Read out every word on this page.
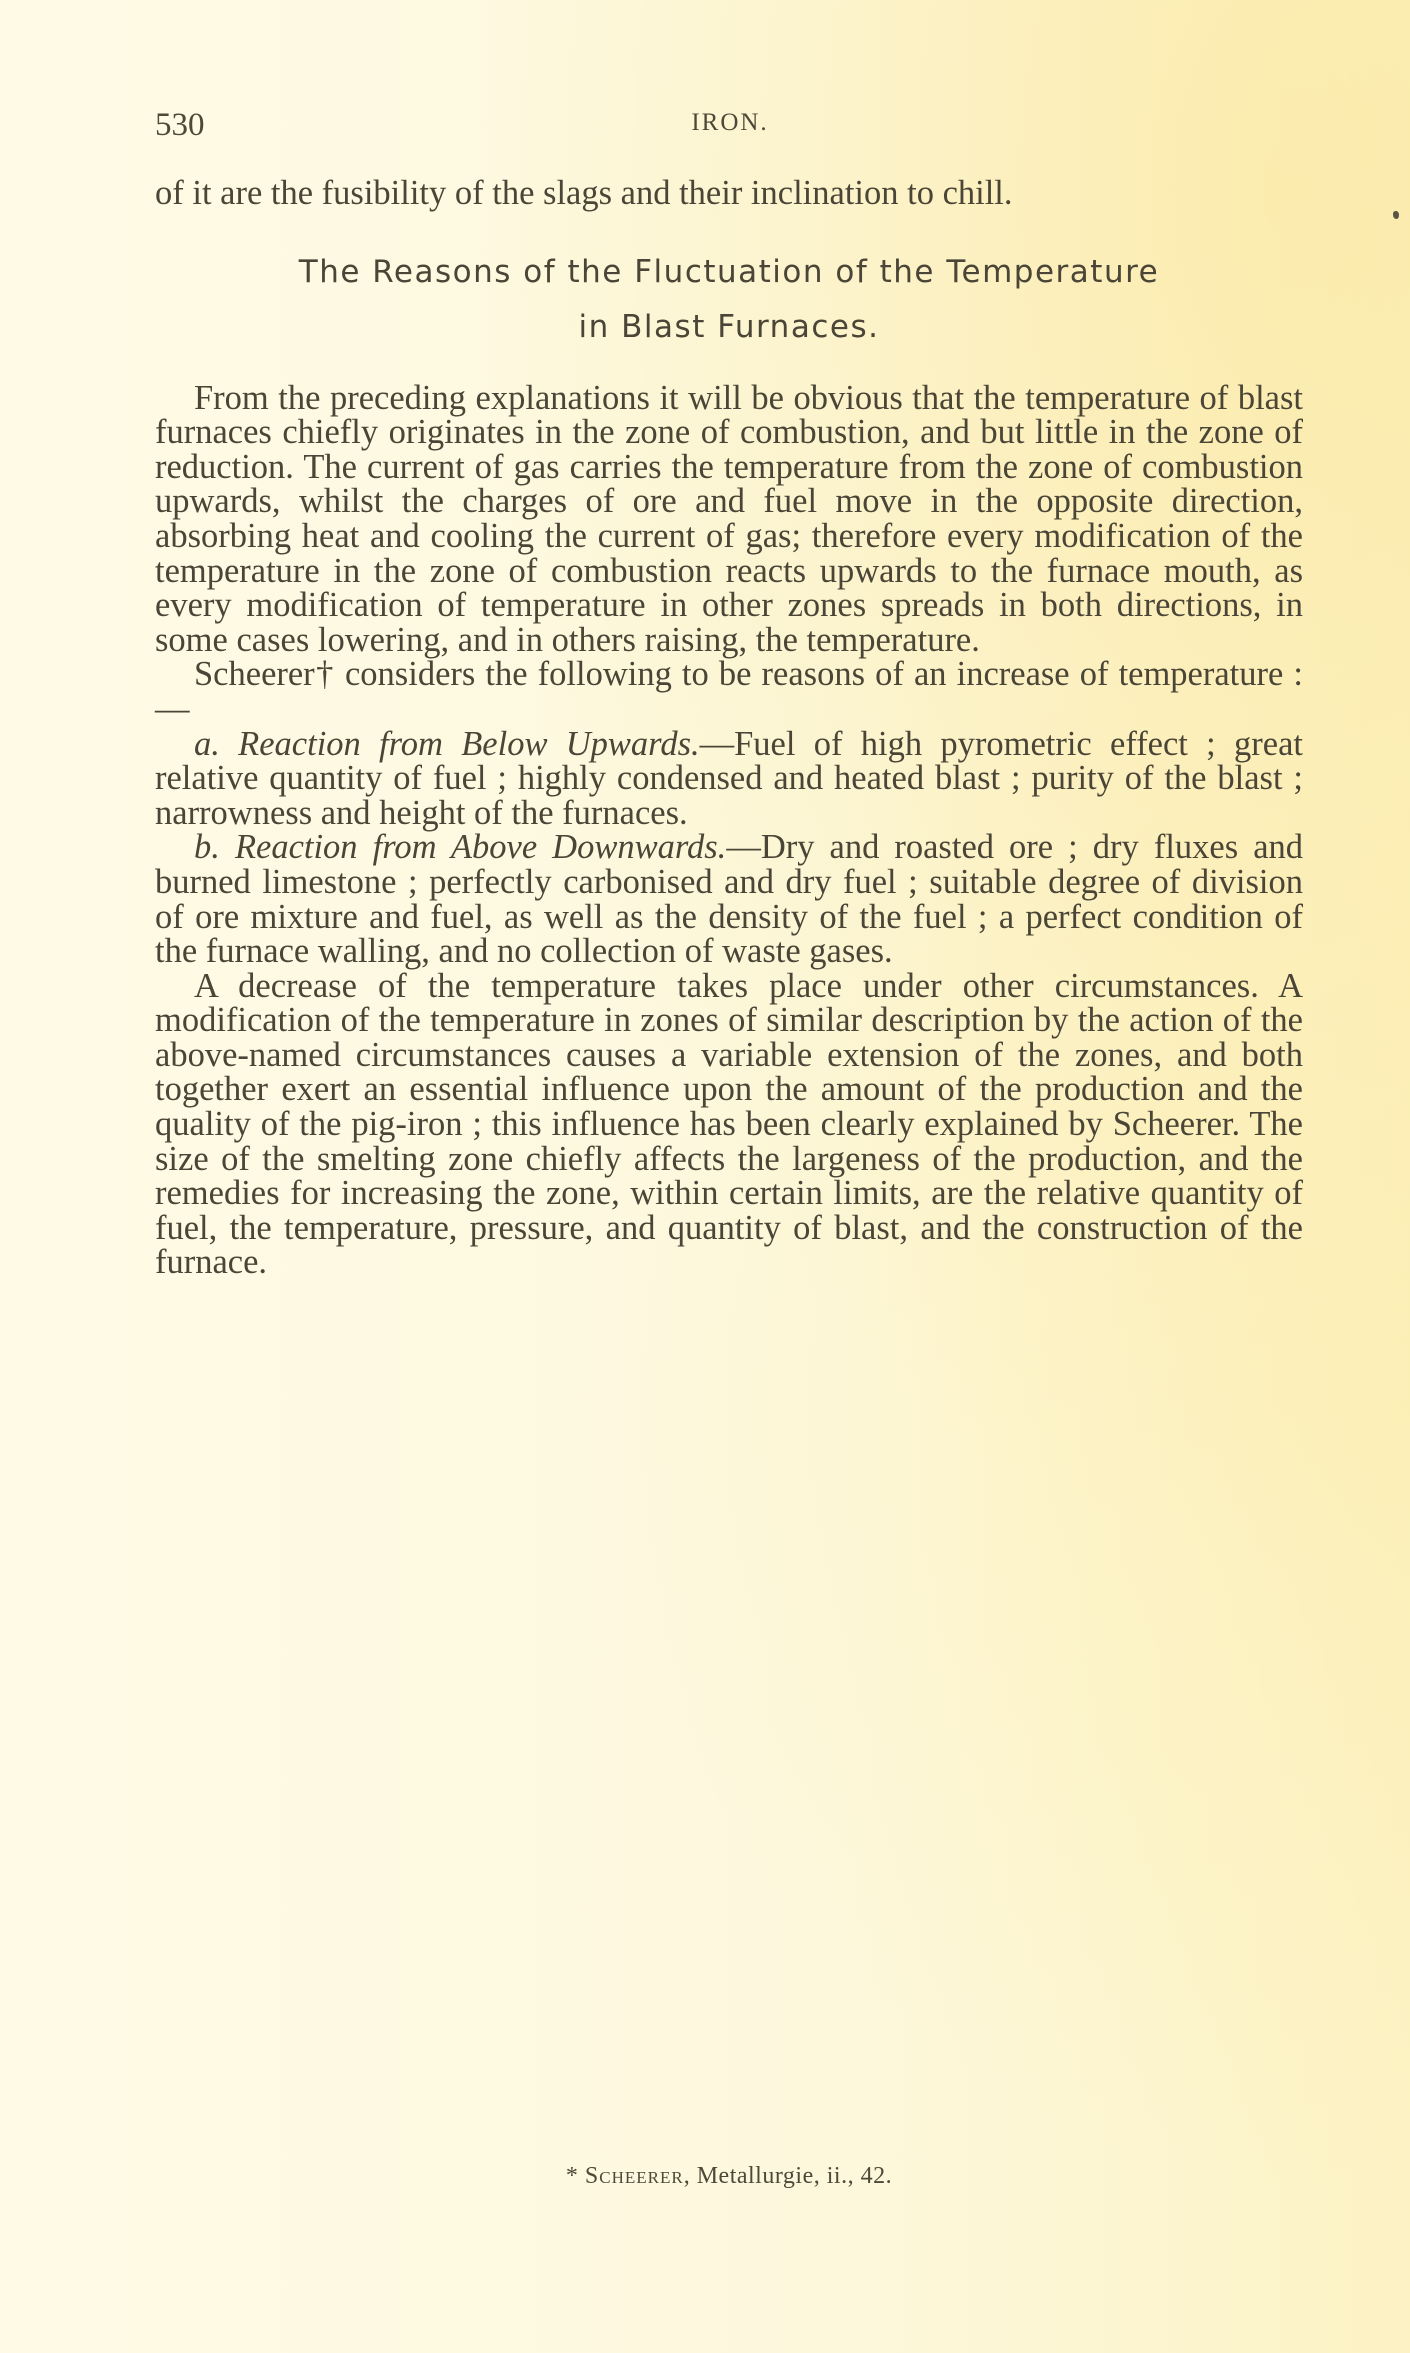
530	IRON.

of it are the fusibility of the slags and their inclination to chill.

The Reasons of the Fluctuation of the Temperature
in Blast Furnaces.

From the preceding explanations it will be obvious that the temperature of blast furnaces chiefly originates in the zone of combustion, and but little in the zone of reduction. The current of gas carries the temperature from the zone of combustion upwards, whilst the charges of ore and fuel move in the opposite direction, absorbing heat and cooling the current of gas; therefore every modification of the temperature in the zone of combustion reacts upwards to the furnace mouth, as every modification of temperature in other zones spreads in both directions, in some cases lowering, and in others raising, the temperature.

Scheerer† considers the following to be reasons of an increase of temperature :—

a. Reaction from Below Upwards.—Fuel of high pyrometric effect ; great relative quantity of fuel ; highly condensed and heated blast ; purity of the blast ; narrowness and height of the furnaces.

b. Reaction from Above Downwards.—Dry and roasted ore ; dry fluxes and burned limestone ; perfectly carbonised and dry fuel ; suitable degree of division of ore mixture and fuel, as well as the density of the fuel ; a perfect condition of the furnace walling, and no collection of waste gases.

A decrease of the temperature takes place under other circumstances. A modification of the temperature in zones of similar description by the action of the above-named circumstances causes a variable extension of the zones, and both together exert an essential influence upon the amount of the production and the quality of the pig-iron ; this influence has been clearly explained by Scheerer. The size of the smelting zone chiefly affects the largeness of the production, and the remedies for increasing the zone, within certain limits, are the relative quantity of fuel, the temperature, pressure, and quantity of blast, and the construction of the furnace.

* Scheerer, Metallurgie, ii., 42.
